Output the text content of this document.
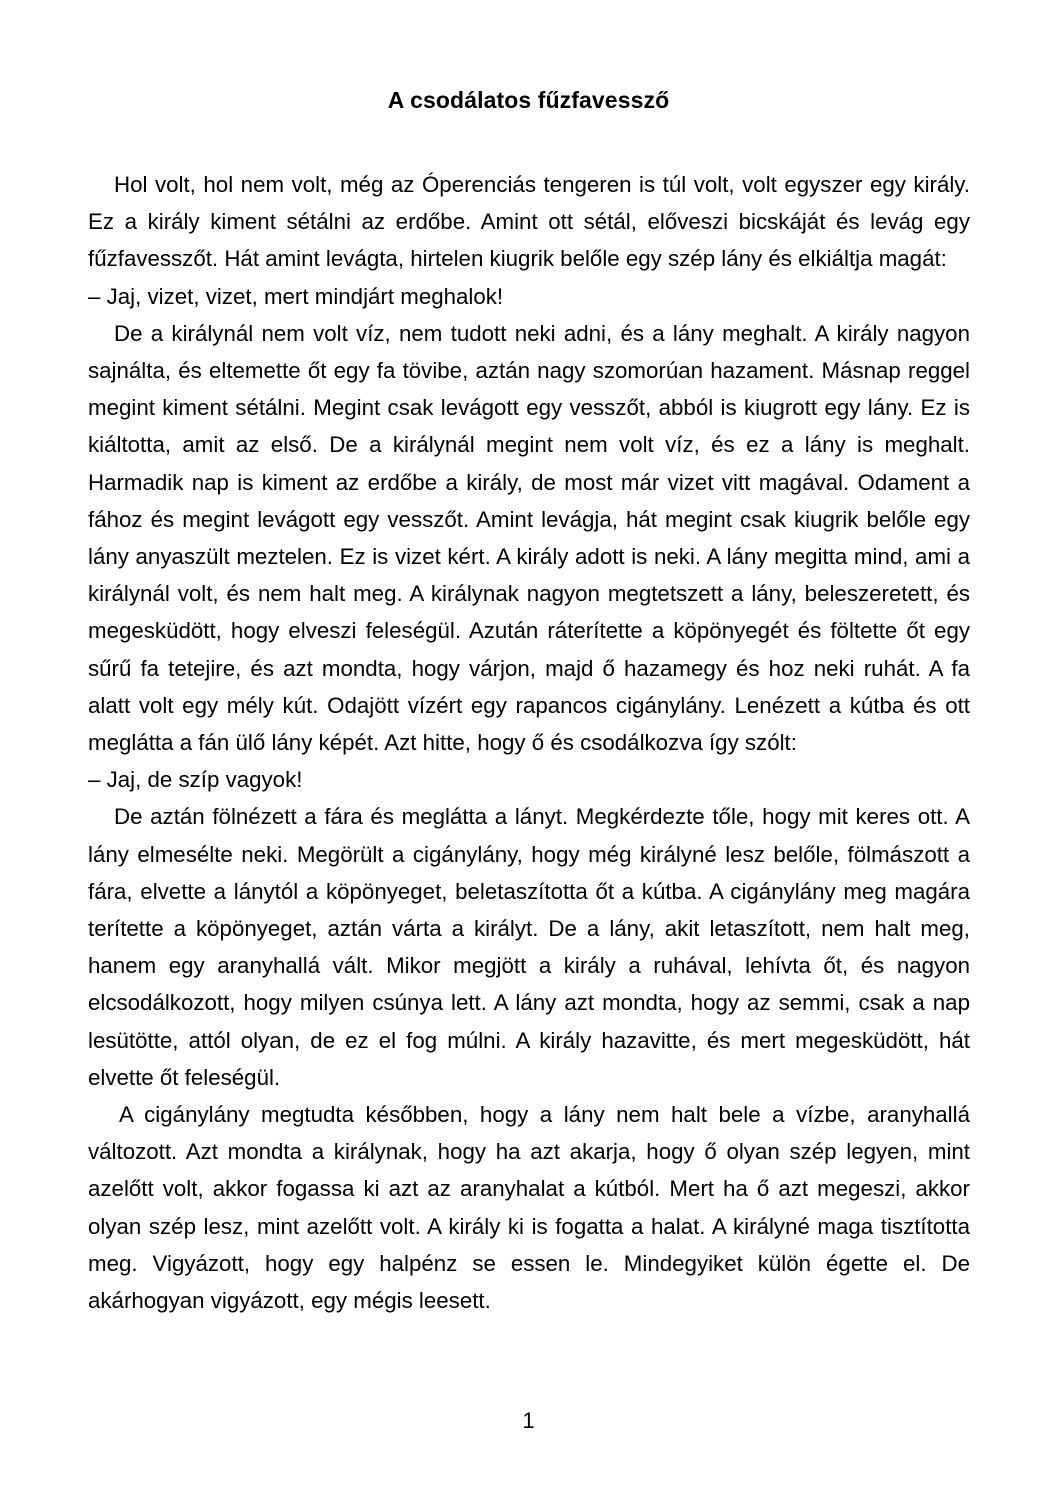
A csodálatos fűzfavessző

Hol volt, hol nem volt, még az Óperenciás tengeren is túl volt, volt egyszer egy király. Ez a király kiment sétálni az erdőbe. Amint ott sétál, előveszi bicskáját és levág egy fűzfavesszőt. Hát amint levágta, hirtelen kiugrik belőle egy szép lány és elkiáltja magát:

– Jaj, vizet, vizet, mert mindjárt meghalok!

De a királynál nem volt víz, nem tudott neki adni, és a lány meghalt. A király nagyon sajnálta, és eltemette őt egy fa tövibe, aztán nagy szomorúan hazament. Másnap reggel megint kiment sétálni. Megint csak levágott egy vesszőt, abból is kiugrott egy lány. Ez is kiáltotta, amit az első. De a királynál megint nem volt víz, és ez a lány is meghalt. Harmadik nap is kiment az erdőbe a király, de most már vizet vitt magával. Odament a fához és megint levágott egy vesszőt. Amint levágja, hát megint csak kiugrik belőle egy lány anyaszült meztelen. Ez is vizet kért. A király adott is neki. A lány megitta mind, ami a királynál volt, és nem halt meg. A királynak nagyon megtetszett a lány, beleszeretett, és megesküdött, hogy elveszi feleségül. Azután ráterítette a köpönyegét és föltette őt egy sűrű fa tetejire, és azt mondta, hogy várjon, majd ő hazamegy és hoz neki ruhát. A fa alatt volt egy mély kút. Odajött vízért egy rapancos cigánylány. Lenézett a kútba és ott meglátta a fán ülő lány képét. Azt hitte, hogy ő és csodálkozva így szólt:

– Jaj, de szíp vagyok!

De aztán fölnézett a fára és meglátta a lányt. Megkérdezte tőle, hogy mit keres ott. A lány elmesélte neki. Megörült a cigánylány, hogy még királyné lesz belőle, fölmászott a fára, elvette a lánytól a köpönyeget, beletaszította őt a kútba. A cigánylány meg magára terítette a köpönyeget, aztán várta a királyt. De a lány, akit letaszított, nem halt meg, hanem egy aranyhallá vált. Mikor megjött a király a ruhával, lehívta őt, és nagyon elcsodálkozott, hogy milyen csúnya lett. A lány azt mondta, hogy az semmi, csak a nap lesütötte, attól olyan, de ez el fog múlni. A király hazavitte, és mert megesküdött, hát elvette őt feleségül.

A cigánylány megtudta későbben, hogy a lány nem halt bele a vízbe, aranyhallá változott. Azt mondta a királynak, hogy ha azt akarja, hogy ő olyan szép legyen, mint azelőtt volt, akkor fogassa ki azt az aranyhalat a kútból. Mert ha ő azt megeszi, akkor olyan szép lesz, mint azelőtt volt. A király ki is fogatta a halat. A királyné maga tisztította meg. Vigyázott, hogy egy halpénz se essen le. Mindegyiket külön égette el. De akárhogyan vigyázott, egy mégis leesett.

1
